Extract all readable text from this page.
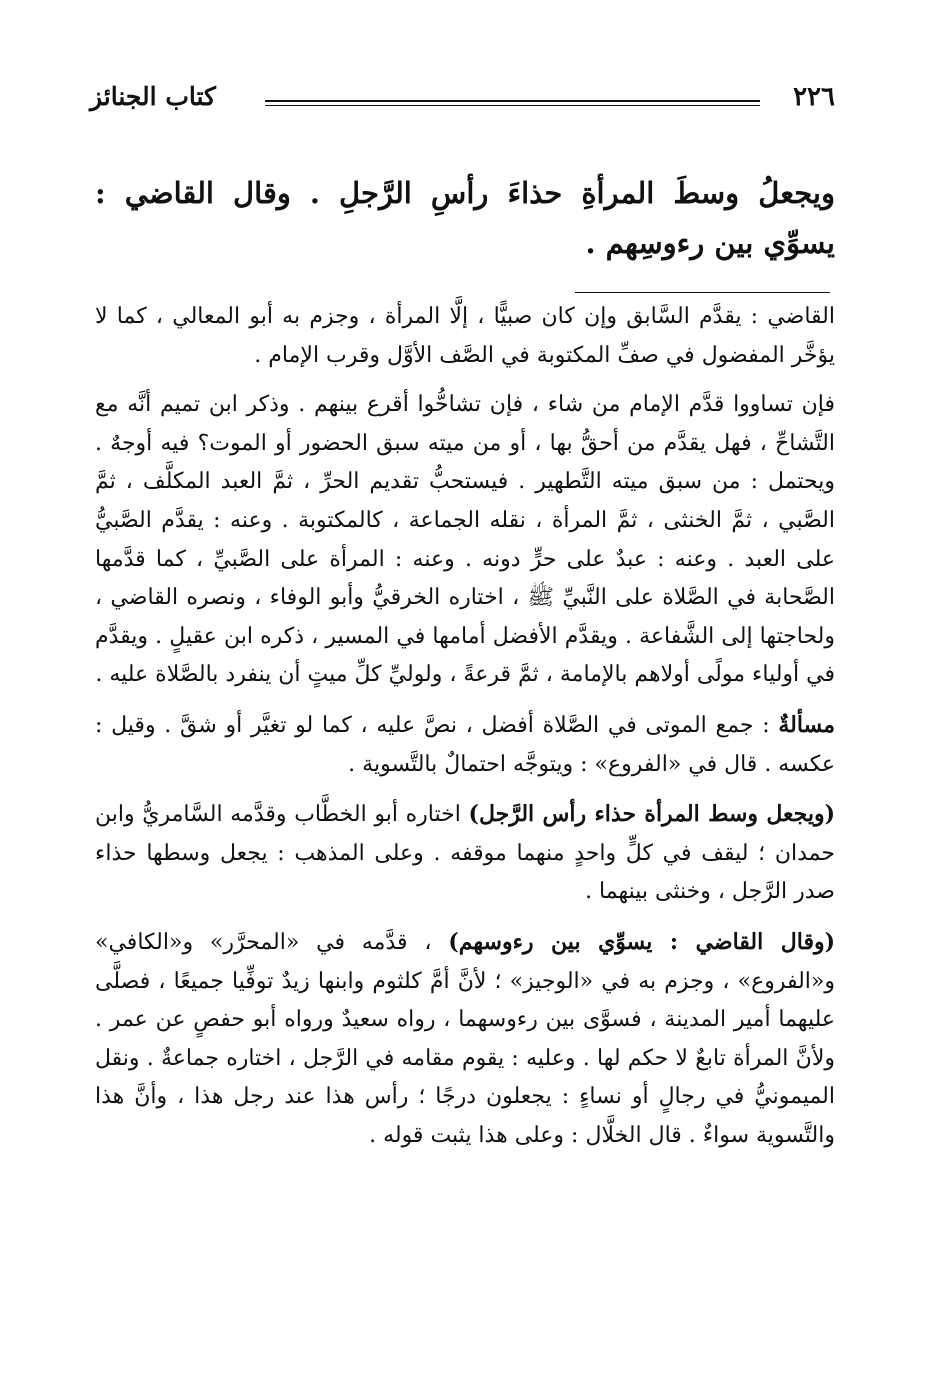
٢٢٦
كتاب الجنائز
ويجعلُ وسطَ المرأةِ حذاءَ رأسِ الرَّجلِ . وقال القاضي : يسوِّي بين رءوسِهم .

القاضي : يقدَّم السَّابق وإن كان صبيًّا ، إلَّا المرأة ، وجزم به أبو المعالي ، كما لا يؤخَّر المفضول في صفِّ المكتوبة في الصَّف الأوَّل وقرب الإمام .

فإن تساووا قدَّم الإمام من شاء ، فإن تشاحُّوا أقرع بينهم . وذكر ابن تميم أنَّه مع التَّشاحِّ ، فهل يقدَّم من أحقُّ بها ، أو من ميته سبق الحضور أو الموت؟ فيه أوجهٌ . ويحتمل : من سبق ميته التَّطهير . فيستحبُّ تقديم الحرِّ ، ثمَّ العبد المكلَّف ، ثمَّ الصَّبي ، ثمَّ الخنثى ، ثمَّ المرأة ، نقله الجماعة ، كالمكتوبة . وعنه : يقدَّم الصَّبيُّ على العبد . وعنه : عبدٌ على حرٍّ دونه . وعنه : المرأة على الصَّبيِّ ، كما قدَّمها الصَّحابة في الصَّلاة على النَّبيِّ ﷺ ، اختاره الخرقيُّ وأبو الوفاء ، ونصره القاضي ، ولحاجتها إلى الشَّفاعة . ويقدَّم الأفضل أمامها في المسير ، ذكره ابن عقيلٍ . ويقدَّم في أولياء مولًى أولاهم بالإمامة ، ثمَّ قرعةً ، ولوليِّ كلِّ ميتٍ أن ينفرد بالصَّلاة عليه .

مسألةٌ : جمع الموتى في الصَّلاة أفضل ، نصَّ عليه ، كما لو تغيَّر أو شقَّ . وقيل : عكسه . قال في «الفروع» : ويتوجَّه احتمالٌ بالتَّسوية .

(ويجعل وسط المرأة حذاء رأس الرَّجل) اختاره أبو الخطَّاب وقدَّمه السَّامريُّ وابن حمدان ؛ ليقف في كلٍّ واحدٍ منهما موقفه . وعلى المذهب : يجعل وسطها حذاء صدر الرَّجل ، وخنثى بينهما .

(وقال القاضي : يسوِّي بين رءوسهم) ، قدَّمه في «المحرَّر» و«الكافي» و«الفروع» ، وجزم به في «الوجيز» ؛ لأنَّ أمَّ كلثوم وابنها زيدٌ توفِّيا جميعًا ، فصلَّى عليهما أمير المدينة ، فسوَّى بين رءوسهما ، رواه سعيدٌ ورواه أبو حفصٍ عن عمر . ولأنَّ المرأة تابعٌ لا حكم لها . وعليه : يقوم مقامه في الرَّجل ، اختاره جماعةٌ . ونقل الميمونيُّ في رجالٍ أو نساءٍ : يجعلون درجًا ؛ رأس هذا عند رجل هذا ، وأنَّ هذا والتَّسوية سواءٌ . قال الخلَّال : وعلى هذا يثبت قوله .
